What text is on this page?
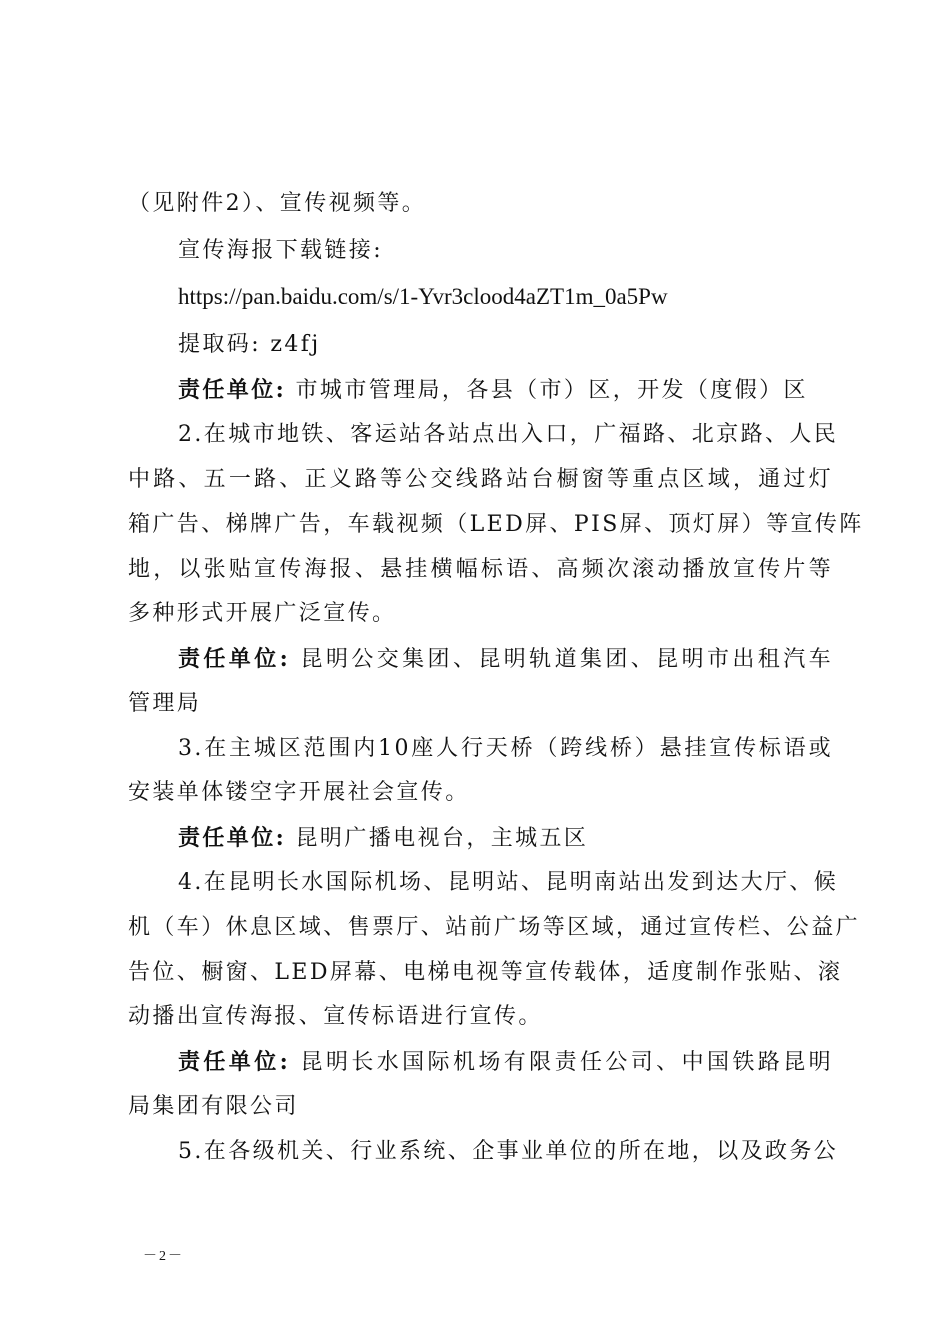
（见附件2）、宣传视频等。
宣传海报下载链接:
https://pan.baidu.com/s/1-Yvr3clood4aZT1m_0a5Pw
提取码: z4fj
责任单位: 市城市管理局，各县（市）区，开发（度假）区
2.在城市地铁、客运站各站点出入口，广福路、北京路、人民
中路、五一路、正义路等公交线路站台橱窗等重点区域，通过灯
箱广告、梯牌广告，车载视频（LED屏、PIS屏、顶灯屏）等宣传阵
地，以张贴宣传海报、悬挂横幅标语、高频次滚动播放宣传片等
多种形式开展广泛宣传。
责任单位: 昆明公交集团、昆明轨道集团、昆明市出租汽车
管理局
3.在主城区范围内10座人行天桥（跨线桥）悬挂宣传标语或
安装单体镂空字开展社会宣传。
责任单位: 昆明广播电视台，主城五区
4.在昆明长水国际机场、昆明站、昆明南站出发到达大厅、候
机（车）休息区域、售票厅、站前广场等区域，通过宣传栏、公益广
告位、橱窗、LED屏幕、电梯电视等宣传载体，适度制作张贴、滚
动播出宣传海报、宣传标语进行宣传。
责任单位: 昆明长水国际机场有限责任公司、中国铁路昆明
局集团有限公司
5.在各级机关、行业系统、企事业单位的所在地，以及政务公
－2－
